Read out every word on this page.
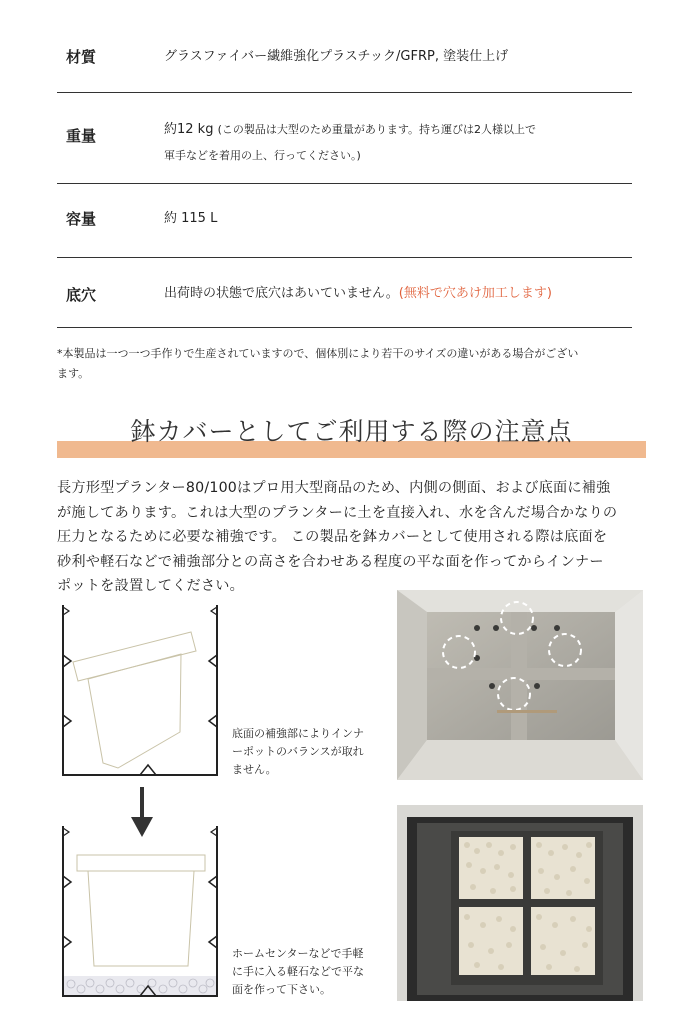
材質	グラスファイバー繊維強化プラスチック/GFRP, 塗装仕上げ
重量	約12 kg (この製品は大型のため重量があります。持ち運びは2人様以上で
軍手などを着用の上、行ってください。)
容量	約 115 L
底穴	出荷時の状態で底穴はあいていません。(無料で穴あけ加工します)
*本製品は一つ一つ手作りで生産されていますので、個体別により若干のサイズの違いがある場合がござい
ます。
鉢カバーとしてご利用する際の注意点
長方形型プランター80/100はプロ用大型商品のため、内側の側面、および底面に補強
が施してあります。これは大型のプランターに土を直接入れ、水を含んだ場合かなりの
圧力となるために必要な補強です。 この製品を鉢カバーとして使用される際は底面を
砂利や軽石などで補強部分との高さを合わせある程度の平な面を作ってからインナー
ポットを設置してください。
底面の補強部によりインナ
ーポットのバランスが取れ
ません。
ホームセンターなどで手軽
に手に入る軽石などで平な
面を作って下さい。
